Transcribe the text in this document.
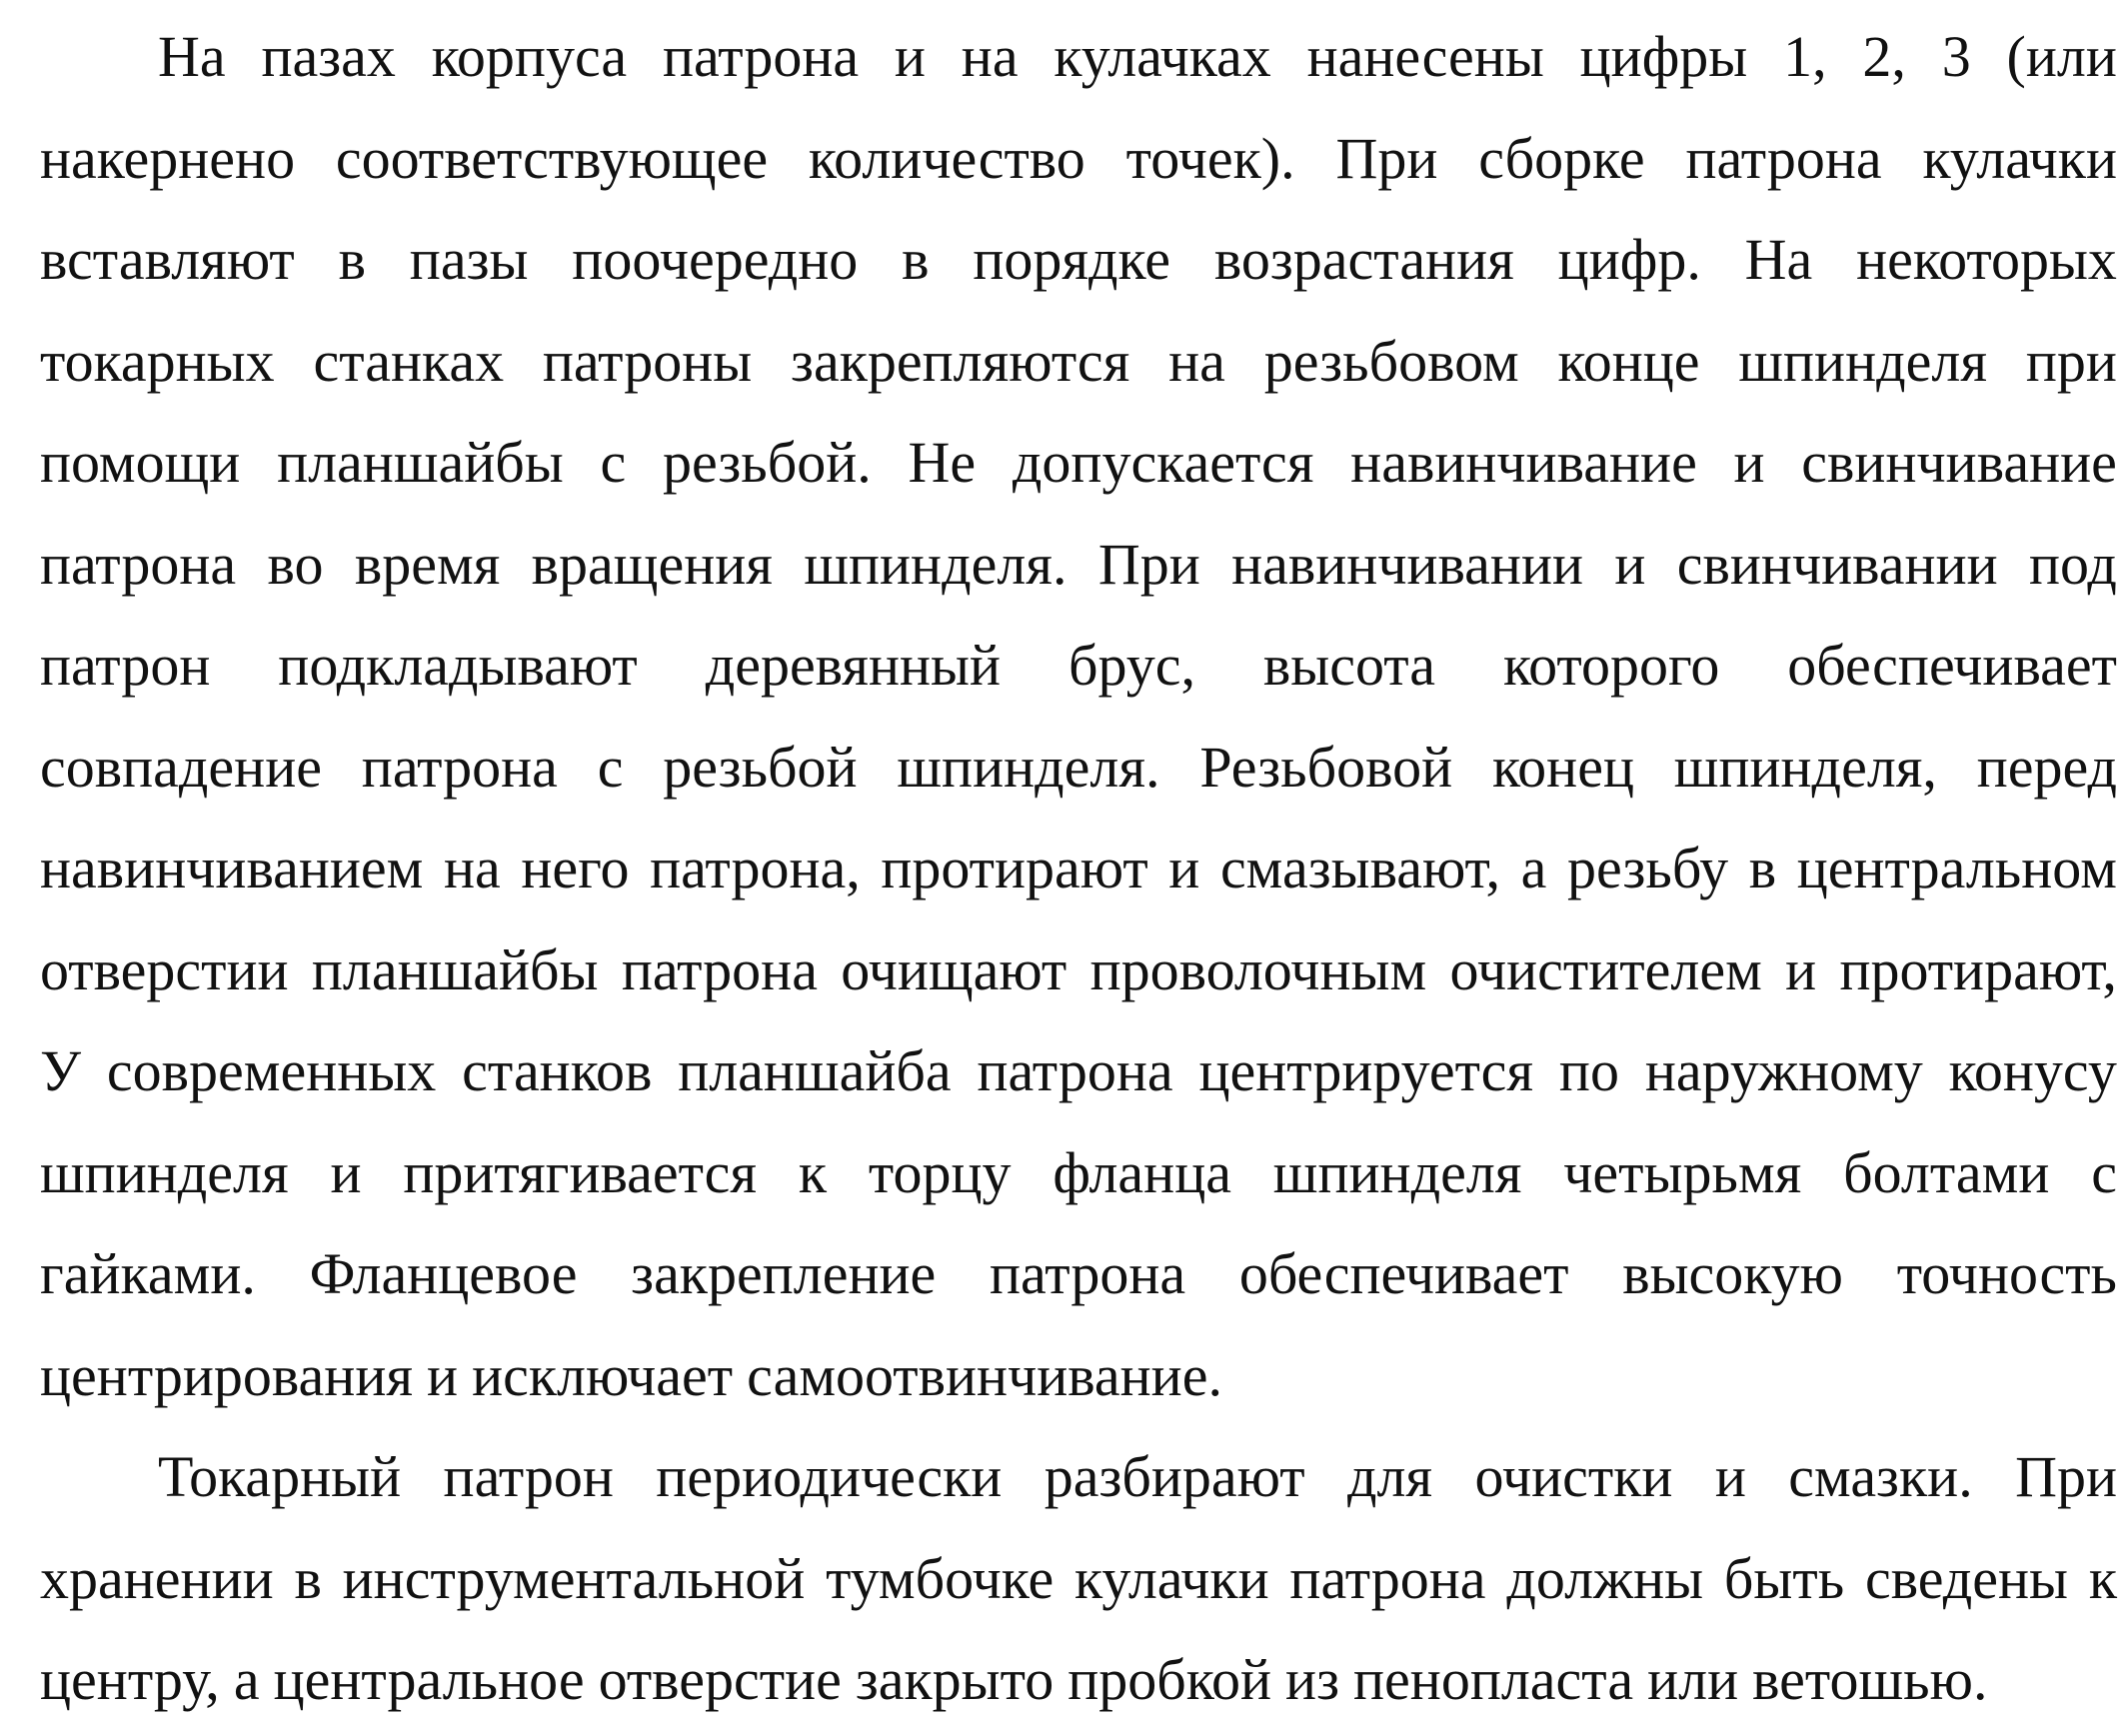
На пазах корпуса патрона и на кулачках нанесены цифры 1, 2, 3 (или
накернено соответствующее количество точек). При сборке патрона кулачки
вставляют в пазы поочередно в порядке возрастания цифр. На некоторых
токарных станках патроны закрепляются на резьбовом конце шпинделя при
помощи планшайбы с резьбой. Не допускается навинчивание и свинчивание
патрона во время вращения шпинделя. При навинчивании и свинчивании под
патрон подкладывают деревянный брус, высота которого обеспечивает
совпадение патрона с резьбой шпинделя. Резьбовой конец шпинделя, перед
навинчиванием на него патрона, протирают и смазывают, а резьбу в центральном
отверстии планшайбы патрона очищают проволочным очистителем и протирают,
У современных станков планшайба патрона центрируется по наружному конусу
шпинделя и притягивается к торцу фланца шпинделя четырьмя болтами с
гайками. Фланцевое закрепление патрона обеспечивает высокую точность
центрирования и исключает самоотвинчивание.
Токарный патрон периодически разбирают для очистки и смазки. При
хранении в инструментальной тумбочке кулачки патрона должны быть сведены к
центру, а центральное отверстие закрыто пробкой из пенопласта или ветошью.
